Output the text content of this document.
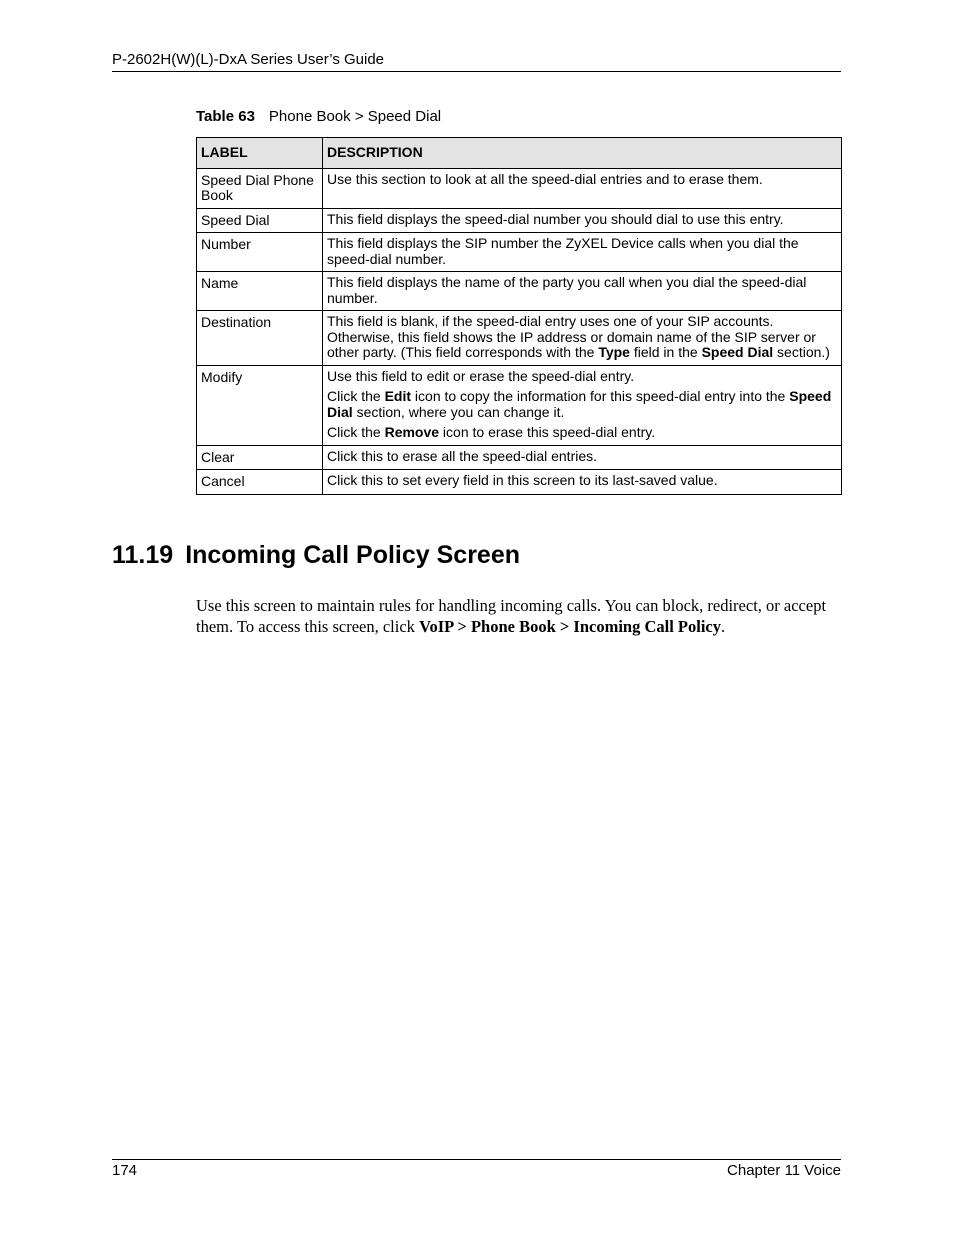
P-2602H(W)(L)-DxA Series User’s Guide
Table 63 Phone Book > Speed Dial
LABEL	DESCRIPTION
Speed Dial Phone Book	Use this section to look at all the speed-dial entries and to erase them.
Speed Dial	This field displays the speed-dial number you should dial to use this entry.
Number	This field displays the SIP number the ZyXEL Device calls when you dial the speed-dial number.
Name	This field displays the name of the party you call when you dial the speed-dial number.
Destination	This field is blank, if the speed-dial entry uses one of your SIP accounts. Otherwise, this field shows the IP address or domain name of the SIP server or other party. (This field corresponds with the Type field in the Speed Dial section.)
Modify	Use this field to edit or erase the speed-dial entry.

Click the Edit icon to copy the information for this speed-dial entry into the Speed Dial section, where you can change it.

Click the Remove icon to erase this speed-dial entry.

Clear	Click this to erase all the speed-dial entries.
Cancel	Click this to set every field in this screen to its last-saved value.
11.19 Incoming Call Policy Screen

Use this screen to maintain rules for handling incoming calls. You can block, redirect, or accept them. To access this screen, click VoIP > Phone Book > Incoming Call Policy.

174	Chapter 11 Voice
